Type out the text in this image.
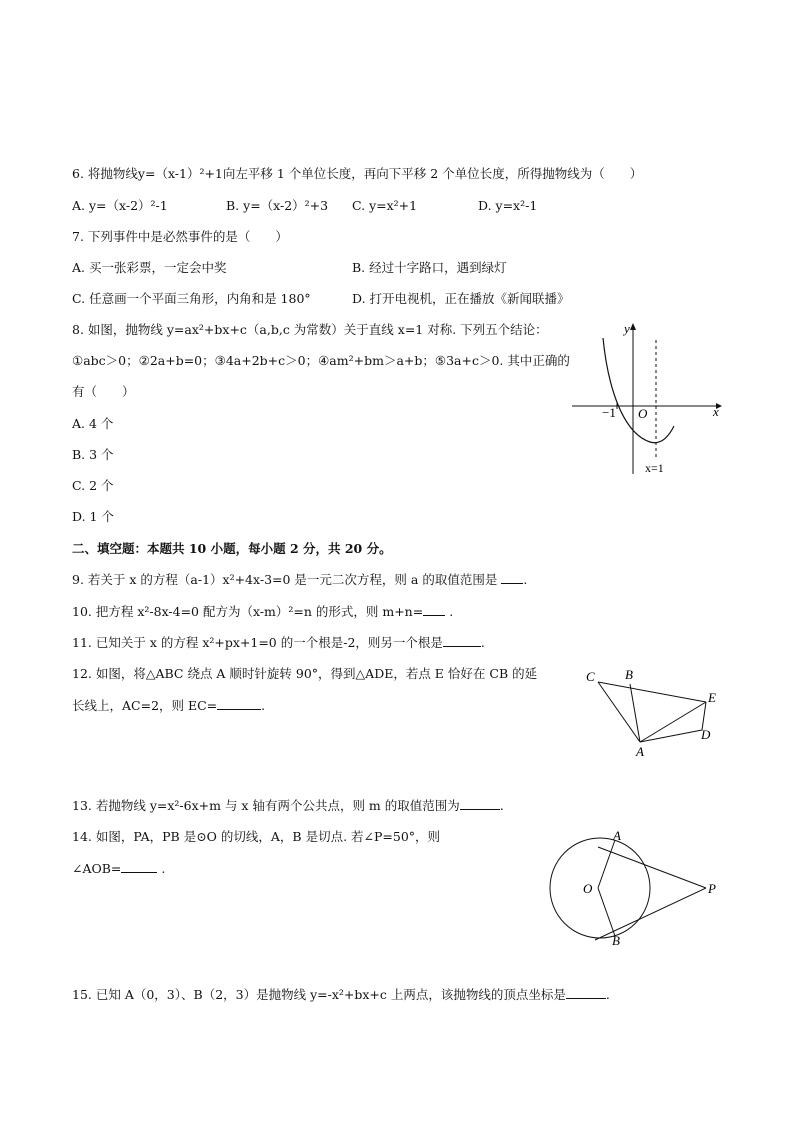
6. 将抛物线y=（x-1）²+1向左平移 1 个单位长度，再向下平移 2 个单位长度，所得抛物线为（　　）
A. y=（x-2）²-1	B. y=（x-2）²+3 C. y=x²+1	D. y=x²-1
7. 下列事件中是必然事件的是（　　）
A. 买一张彩票，一定会中奖	B. 经过十字路口，遇到绿灯
C. 任意画一个平面三角形，内角和是 180°	D. 打开电视机，正在播放《新闻联播》
8. 如图，抛物线 y=ax²+bx+c（a,b,c 为常数）关于直线 x=1 对称. 下列五个结论：
①abc＞0；②2a+b=0；③4a+2b+c＞0；④am²+bm＞a+b；⑤3a+c＞0. 其中正确的
有（　　）
A. 4 个
B. 3 个
C. 2 个
D. 1 个
−1 O	x
y
x=1
二、填空题：本题共 10 小题，每小题 2 分，共 20 分。
9. 若关于 x 的方程（a-1）x²+4x-3=0 是一元二次方程，则 a 的取值范围是 .
10. 把方程 x²-8x-4=0 配方为（x-m）²=n 的形式，则 m+n= .
11. 已知关于 x 的方程 x²+px+1=0 的一个根是-2，则另一个根是	.
12. 如图，将△ABC 绕点 A 顺时针旋转 90°，得到△ADE，若点 E 恰好在 CB 的延
长线上，AC=2，则 EC=	.
C B
E
A
D
13. 若抛物线 y=x²-6x+m 与 x 轴有两个公共点，则 m 的取值范围为	.
14. 如图，PA，PB 是⊙O 的切线，A，B 是切点. 若∠P=50°，则
∠AOB=	.
A
O
B
P
15. 已知 A（0，3）、B（2，3）是抛物线 y=-x²+bx+c 上两点，该抛物线的顶点坐标是	.
